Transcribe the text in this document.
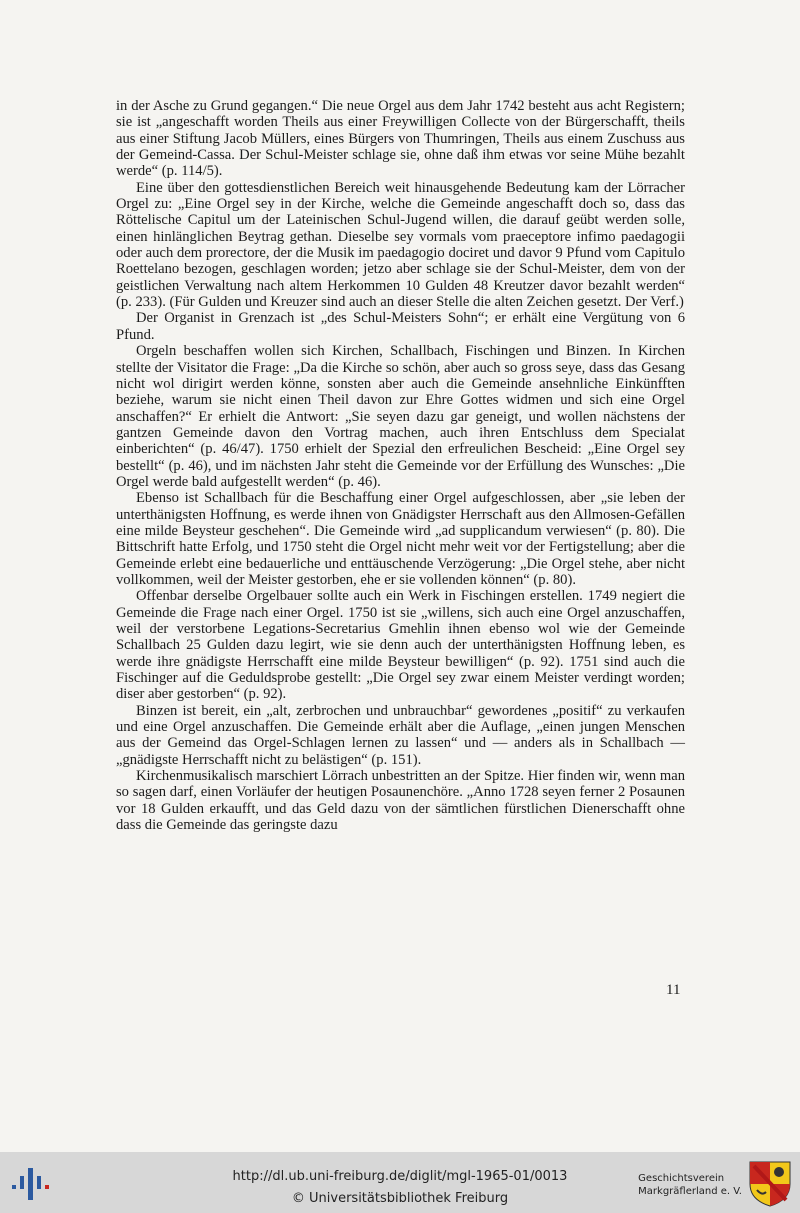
in der Asche zu Grund gegangen.“ Die neue Orgel aus dem Jahr 1742 besteht aus acht Registern; sie ist „angeschafft worden Theils aus einer Freywilligen Collecte von der Bürgerschafft, theils aus einer Stiftung Jacob Müllers, eines Bürgers von Thumringen, Theils aus einem Zuschuss aus der Gemeind-Cassa. Der Schul-Meister schlage sie, ohne daß ihm etwas vor seine Mühe bezahlt werde“ (p. 114/5).

Eine über den gottesdienstlichen Bereich weit hinausgehende Bedeutung kam der Lörracher Orgel zu: „Eine Orgel sey in der Kirche, welche die Gemeinde angeschafft doch so, dass das Röttelische Capitul um der Lateinischen Schul-Jugend willen, die darauf geübt werden solle, einen hinlänglichen Beytrag gethan. Dieselbe sey vormals vom praeceptore infimo paedagogii oder auch dem prorectore, der die Musik im paedagogio dociret und davor 9 Pfund vom Capitulo Roettelano bezogen, geschlagen worden; jetzo aber schlage sie der Schul-Meister, dem von der geistlichen Verwaltung nach altem Herkommen 10 Gulden 48 Kreutzer davor bezahlt werden“ (p. 233). (Für Gulden und Kreuzer sind auch an dieser Stelle die alten Zeichen gesetzt. Der Verf.)

Der Organist in Grenzach ist „des Schul-Meisters Sohn“; er erhält eine Vergütung von 6 Pfund.

Orgeln beschaffen wollen sich Kirchen, Schallbach, Fischingen und Binzen. In Kirchen stellte der Visitator die Frage: „Da die Kirche so schön, aber auch so gross seye, dass das Gesang nicht wol dirigirt werden könne, sonsten aber auch die Gemeinde ansehnliche Einkünfften beziehe, warum sie nicht einen Theil davon zur Ehre Gottes widmen und sich eine Orgel anschaffen?“ Er erhielt die Antwort: „Sie seyen dazu gar geneigt, und wollen nächstens der gantzen Gemeinde davon den Vortrag machen, auch ihren Entschluss dem Specialat einberichten“ (p. 46/47). 1750 erhielt der Spezial den erfreulichen Bescheid: „Eine Orgel sey bestellt“ (p. 46), und im nächsten Jahr steht die Gemeinde vor der Erfüllung des Wunsches: „Die Orgel werde bald aufgestellt werden“ (p. 46).

Ebenso ist Schallbach für die Beschaffung einer Orgel aufgeschlossen, aber „sie leben der unterthänigsten Hoffnung, es werde ihnen von Gnädigster Herrschaft aus den Allmosen-Gefällen eine milde Beysteur geschehen“. Die Gemeinde wird „ad supplicandum verwiesen“ (p. 80). Die Bittschrift hatte Erfolg, und 1750 steht die Orgel nicht mehr weit vor der Fertigstellung; aber die Gemeinde erlebt eine bedauerliche und enttäuschende Verzögerung: „Die Orgel stehe, aber nicht vollkommen, weil der Meister gestorben, ehe er sie vollenden können“ (p. 80).

Offenbar derselbe Orgelbauer sollte auch ein Werk in Fischingen erstellen. 1749 negiert die Gemeinde die Frage nach einer Orgel. 1750 ist sie „willens, sich auch eine Orgel anzuschaffen, weil der verstorbene Legations-Secretarius Gmehlin ihnen ebenso wol wie der Gemeinde Schallbach 25 Gulden dazu legirt, wie sie denn auch der unterthänigsten Hoffnung leben, es werde ihre gnädigste Herrschafft eine milde Beysteur bewilligen“ (p. 92). 1751 sind auch die Fischinger auf die Geduldsprobe gestellt: „Die Orgel sey zwar einem Meister verdingt worden; diser aber gestorben“ (p. 92).

Binzen ist bereit, ein „alt, zerbrochen und unbrauchbar“ gewordenes „positif“ zu verkaufen und eine Orgel anzuschaffen. Die Gemeinde erhält aber die Auflage, „einen jungen Menschen aus der Gemeind das Orgel-Schlagen lernen zu lassen“ und — anders als in Schallbach — „gnädigste Herrschafft nicht zu belästigen“ (p. 151).

Kirchenmusikalisch marschiert Lörrach unbestritten an der Spitze. Hier finden wir, wenn man so sagen darf, einen Vorläufer der heutigen Posaunenchöre. „Anno 1728 seyen ferner 2 Posaunen vor 18 Gulden erkaufft, und das Geld dazu von der sämtlichen fürstlichen Dienerschafft ohne dass die Gemeinde das geringste dazu

11
http://dl.ub.uni-freiburg.de/diglit/mgl-1965-01/0013
© Universitätsbibliothek Freiburg
Geschichtsverein
Markgräflerland e. V.
